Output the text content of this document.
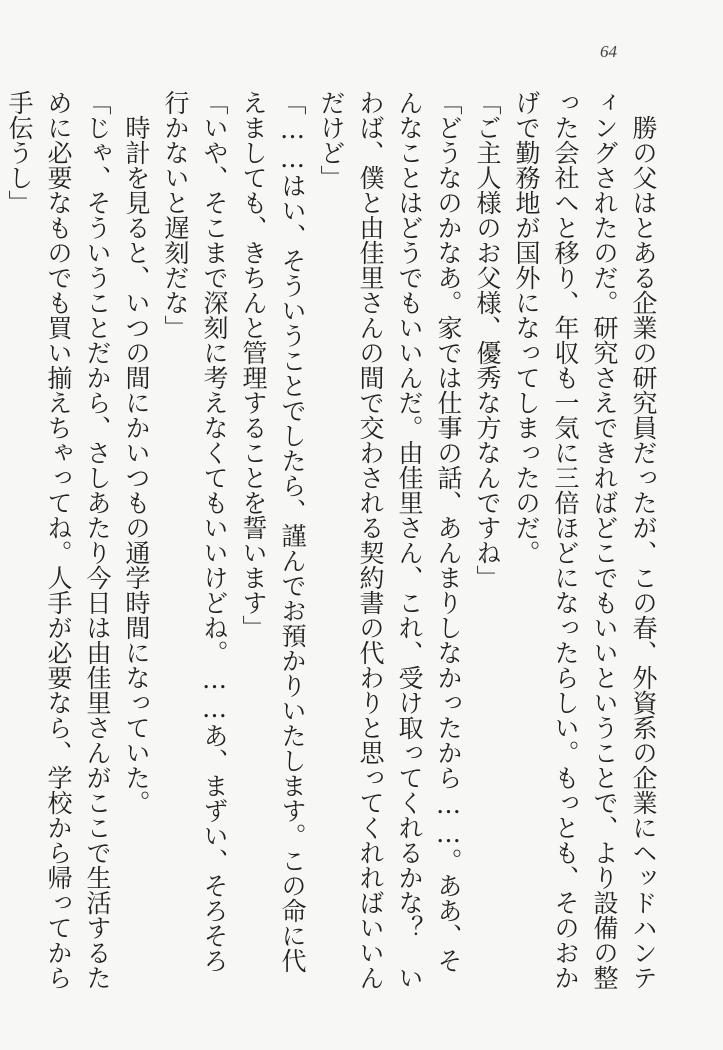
64

勝の父はとある企業の研究員だったが、この春、外資系の企業にヘッドハンティングされたのだ。研究さえできればどこでもいいということで、より設備の整った会社へと移り、年収も一気に三倍ほどになったらしい。もっとも、そのおかげで勤務地が国外になってしまったのだ。

「ご主人様のお父様、優秀な方なんですね」

「どうなのかなあ。家では仕事の話、あんまりしなかったから……。ああ、そんなことはどうでもいいんだ。由佳里さん、これ、受け取ってくれるかな？　いわば、僕と由佳里さんの間で交わされる契約書の代わりと思ってくれればいいんだけど」

「……はい、そういうことでしたら、謹んでお預かりいたします。この命に代えましても、きちんと管理することを誓います」

「いや、そこまで深刻に考えなくてもいいけどね。……あ、まずい、そろそろ行かないと遅刻だな」

時計を見ると、いつの間にかいつもの通学時間になっていた。

「じゃ、そういうことだから、さしあたり今日は由佳里さんがここで生活するために必要なものでも買い揃えちゃってね。人手が必要なら、学校から帰ってから手伝うし」
